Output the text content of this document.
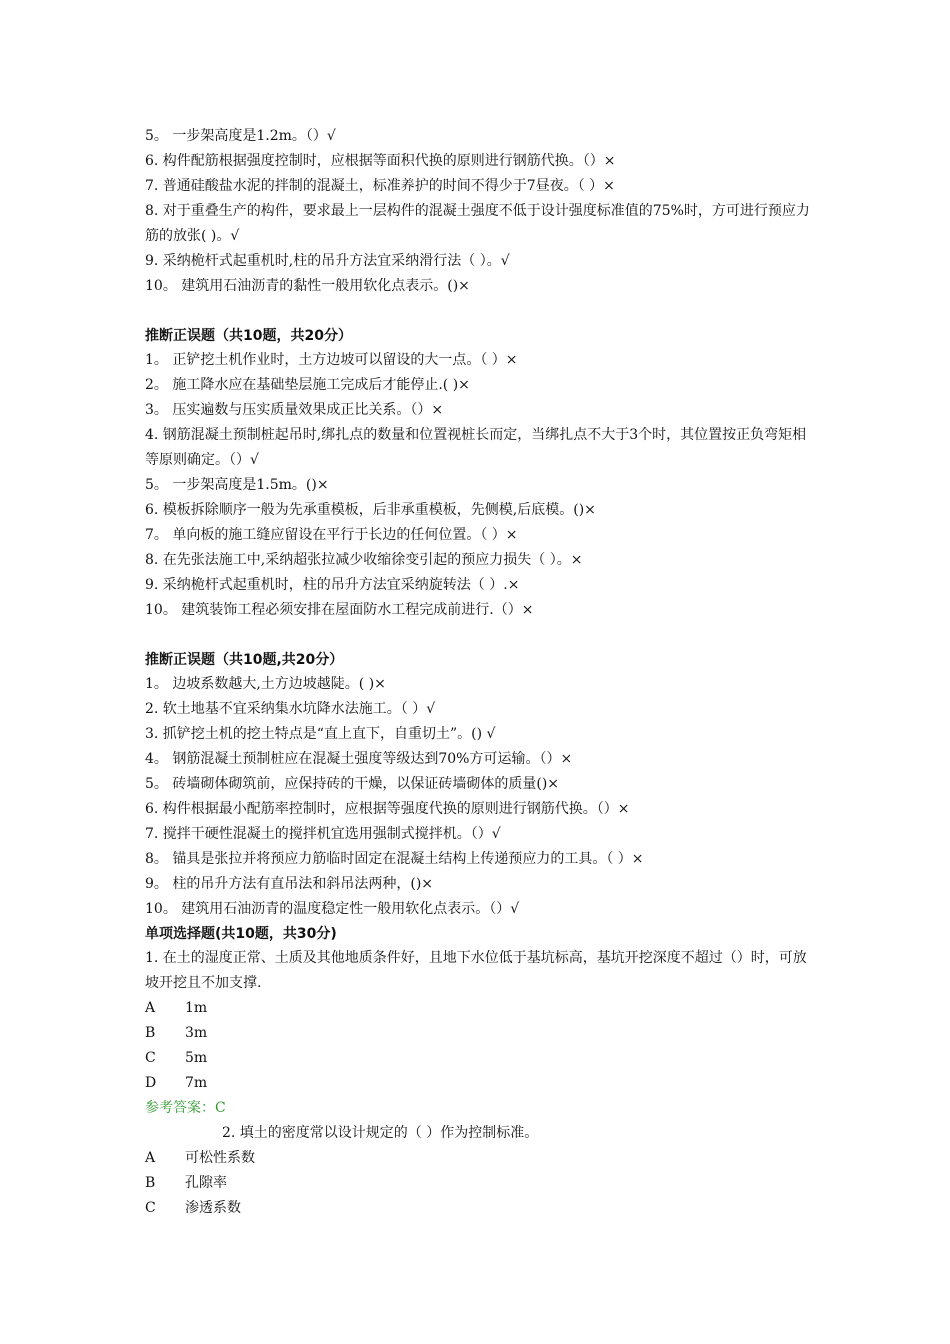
5。 一步架高度是1.2m。（）√
6. 构件配筋根据强度控制时，应根据等面积代换的原则进行钢筋代换。（）×
7. 普通硅酸盐水泥的拌制的混凝土，标准养护的时间不得少于7昼夜。（ ）×
8. 对于重叠生产的构件，要求最上一层构件的混凝土强度不低于设计强度标准值的75%时，方可进行预应力筋的放张( )。√
9. 采纳桅杆式起重机时,柱的吊升方法宜采纳滑行法（ ）。√
10。 建筑用石油沥青的黏性一般用软化点表示。()×
推断正误题（共10题，共20分）
1。 正铲挖土机作业时，土方边坡可以留设的大一点。（ ）×
2。 施工降水应在基础垫层施工完成后才能停止.( )×
3。 压实遍数与压实质量效果成正比关系。（）×
4. 钢筋混凝土预制桩起吊时,绑扎点的数量和位置视桩长而定，当绑扎点不大于3个时，其位置按正负弯矩相等原则确定。（）√
5。 一步架高度是1.5m。()×
6. 模板拆除顺序一般为先承重模板，后非承重模板，先侧模,后底模。()×
7。 单向板的施工缝应留设在平行于长边的任何位置。（ ）×
8. 在先张法施工中,采纳超张拉减少收缩徐变引起的预应力损失（ ）。×
9. 采纳桅杆式起重机时，柱的吊升方法宜采纳旋转法（ ）.×
10。 建筑装饰工程必须安排在屋面防水工程完成前进行.（）×
推断正误题（共10题,共20分）
1。 边坡系数越大,土方边坡越陡。( )×
2. 软土地基不宜采纳集水坑降水法施工。（ ）√
3. 抓铲挖土机的挖土特点是“直上直下，自重切土”。() √
4。 钢筋混凝土预制桩应在混凝土强度等级达到70%方可运输。（）×
5。 砖墙砌体砌筑前，应保持砖的干燥，以保证砖墙砌体的质量()×
6. 构件根据最小配筋率控制时，应根据等强度代换的原则进行钢筋代换。（）×
7. 搅拌干硬性混凝土的搅拌机宜选用强制式搅拌机。（）√
8。 锚具是张拉并将预应力筋临时固定在混凝土结构上传递预应力的工具。（ ）×
9。 柱的吊升方法有直吊法和斜吊法两种，()×
10。 建筑用石油沥青的温度稳定性一般用软化点表示。（）√
单项选择题(共10题，共30分)
1. 在土的湿度正常、土质及其他地质条件好，且地下水位低于基坑标高，基坑开挖深度不超过（）时，可放坡开挖且不加支撑.
A 1m
B 3m
C 5m
D 7m
参考答案：C
2. 填土的密度常以设计规定的（ ）作为控制标准。
A 可松性系数
B 孔隙率
C 渗透系数
